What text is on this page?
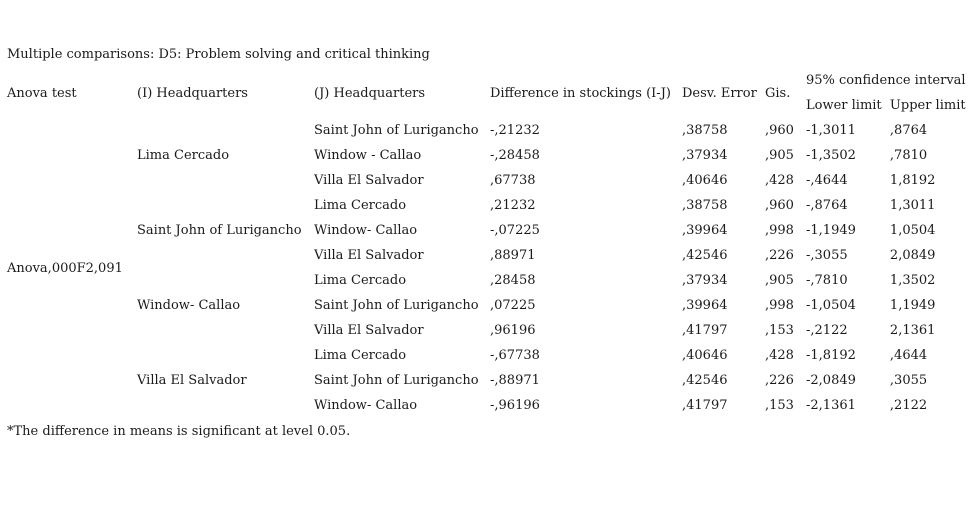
Multiple comparisons: D5: Problem solving and critical thinking
Anova test	(I) Headquarters	(J) Headquarters	Difference in stockings (I-J)	Desv. Error	Gis.	95% confidence interval	
						Lower limit	Upper limit
Anova,000F2,091	Lima Cercado	Saint John of Lurigancho	-,21232	,38758	,960	-1,3011	,8764
		Window - Callao	-,28458	,37934	,905	-1,3502	,7810
		Villa El Salvador	,67738	,40646	,428	-,4644	1,8192
	Saint John of Lurigancho	Lima Cercado	,21232	,38758	,960	-,8764	1,3011
		Window- Callao	-,07225	,39964	,998	-1,1949	1,0504
		Villa El Salvador	,88971	,42546	,226	-,3055	2,0849
	Window- Callao	Lima Cercado	,28458	,37934	,905	-,7810	1,3502
		Saint John of Lurigancho	,07225	,39964	,998	-1,0504	1,1949
		Villa El Salvador	,96196	,41797	,153	-,2122	2,1361
	Villa El Salvador	Lima Cercado	-,67738	,40646	,428	-1,8192	,4644
		Saint John of Lurigancho	-,88971	,42546	,226	-2,0849	,3055
		Window- Callao	-,96196	,41797	,153	-2,1361	,2122
*The difference in means is significant at level 0.05.
